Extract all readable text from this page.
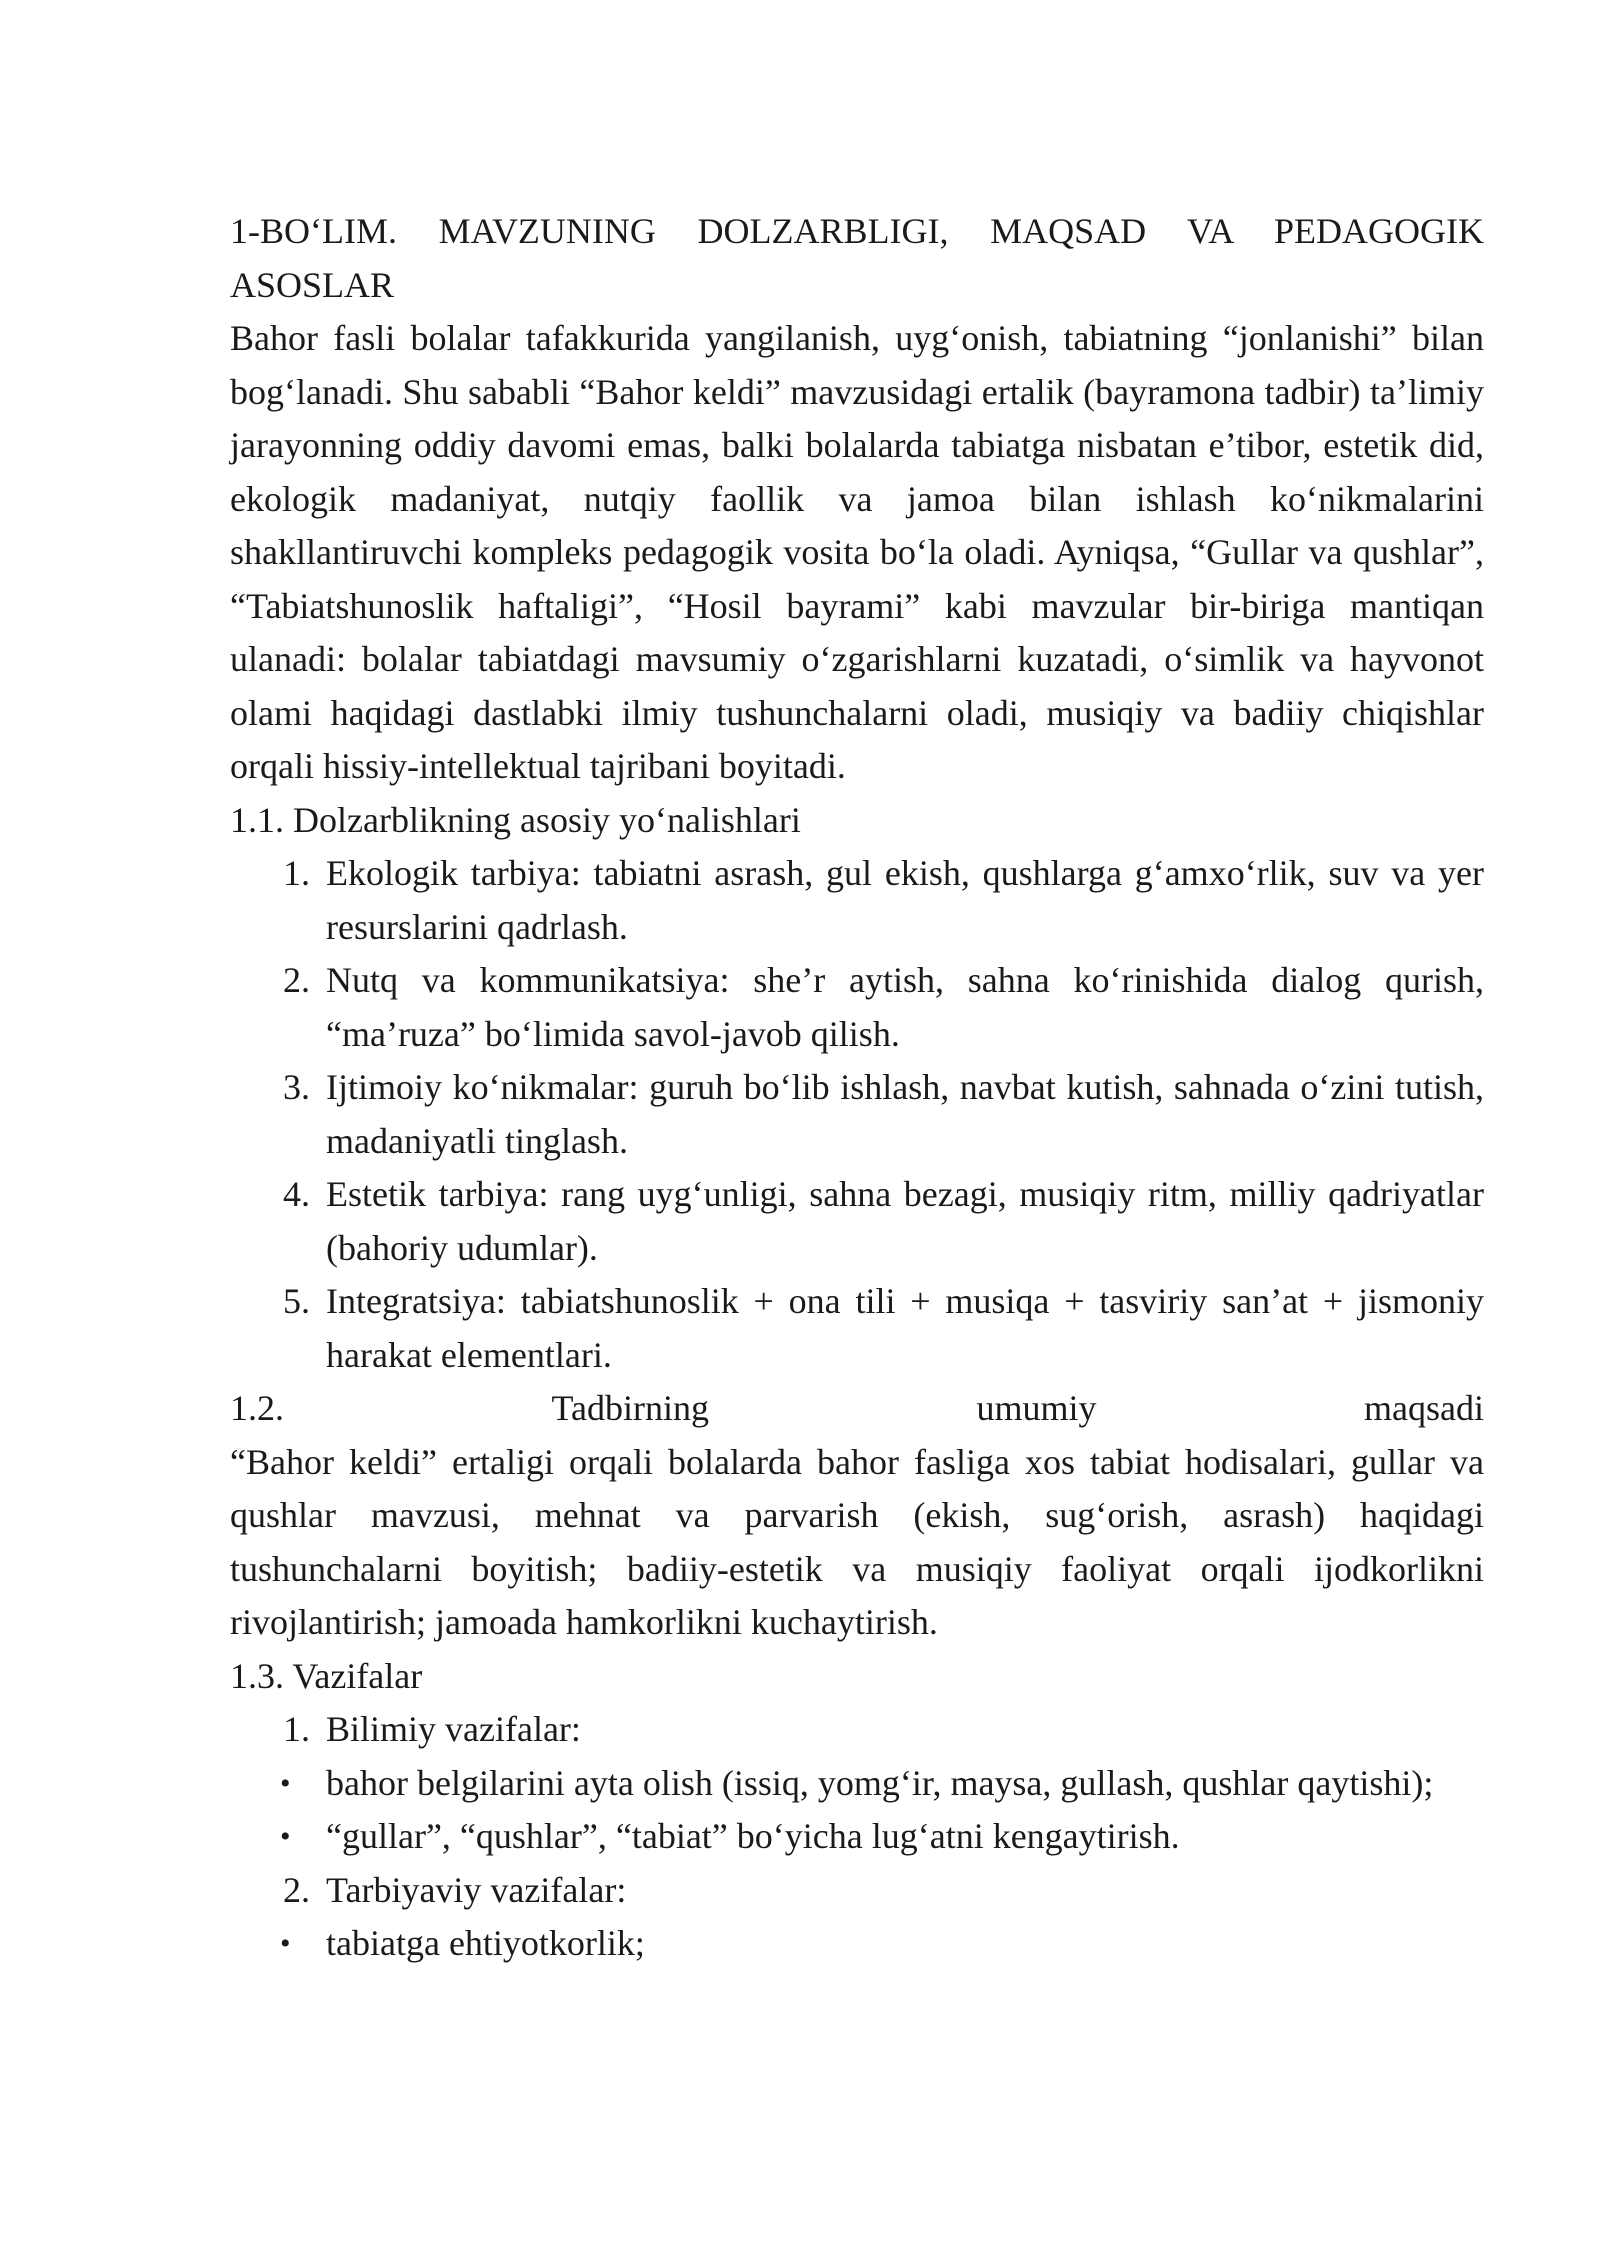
1-BO‘LIM. MAVZUNING DOLZARBLIGI, MAQSAD VA PEDAGOGIK ASOSLAR

Bahor fasli bolalar tafakkurida yangilanish, uyg‘onish, tabiatning “jonlanishi” bilan bog‘lanadi. Shu sababli “Bahor keldi” mavzusidagi ertalik (bayramona tadbir) ta’limiy jarayonning oddiy davomi emas, balki bolalarda tabiatga nisbatan e’tibor, estetik did, ekologik madaniyat, nutqiy faollik va jamoa bilan ishlash ko‘nikmalarini shakllantiruvchi kompleks pedagogik vosita bo‘la oladi. Ayniqsa, “Gullar va qushlar”, “Tabiatshunoslik haftaligi”, “Hosil bayrami” kabi mavzular bir-biriga mantiqan ulanadi: bolalar tabiatdagi mavsumiy o‘zgarishlarni kuzatadi, o‘simlik va hayvonot olami haqidagi dastlabki ilmiy tushunchalarni oladi, musiqiy va badiiy chiqishlar orqali hissiy-intellektual tajribani boyitadi.

1.1. Dolzarblikning asosiy yo‘nalishlari
1. Ekologik tarbiya: tabiatni asrash, gul ekish, qushlarga g‘amxo‘rlik, suv va yer resurslarini qadrlash.
2. Nutq va kommunikatsiya: she’r aytish, sahna ko‘rinishida dialog qurish, “ma’ruza” bo‘limida savol-javob qilish.
3. Ijtimoiy ko‘nikmalar: guruh bo‘lib ishlash, navbat kutish, sahnada o‘zini tutish, madaniyatli tinglash.
4. Estetik tarbiya: rang uyg‘unligi, sahna bezagi, musiqiy ritm, milliy qadriyatlar (bahoriy udumlar).
5. Integratsiya: tabiatshunoslik + ona tili + musiqa + tasviriy san’at + jismoniy harakat elementlari.
1.2.	Tadbirning	umumiy	maqsadi

“Bahor keldi” ertaligi orqali bolalarda bahor fasliga xos tabiat hodisalari, gullar va qushlar mavzusi, mehnat va parvarish (ekish, sug‘orish, asrash) haqidagi tushunchalarni boyitish; badiiy-estetik va musiqiy faoliyat orqali ijodkorlikni rivojlantirish; jamoada hamkorlikni kuchaytirish.

1.3. Vazifalar
1. Bilimiy vazifalar:
• bahor belgilarini ayta olish (issiq, yomg‘ir, maysa, gullash, qushlar qaytishi);
• “gullar”, “qushlar”, “tabiat” bo‘yicha lug‘atni kengaytirish.
2. Tarbiyaviy vazifalar:
• tabiatga ehtiyotkorlik;
